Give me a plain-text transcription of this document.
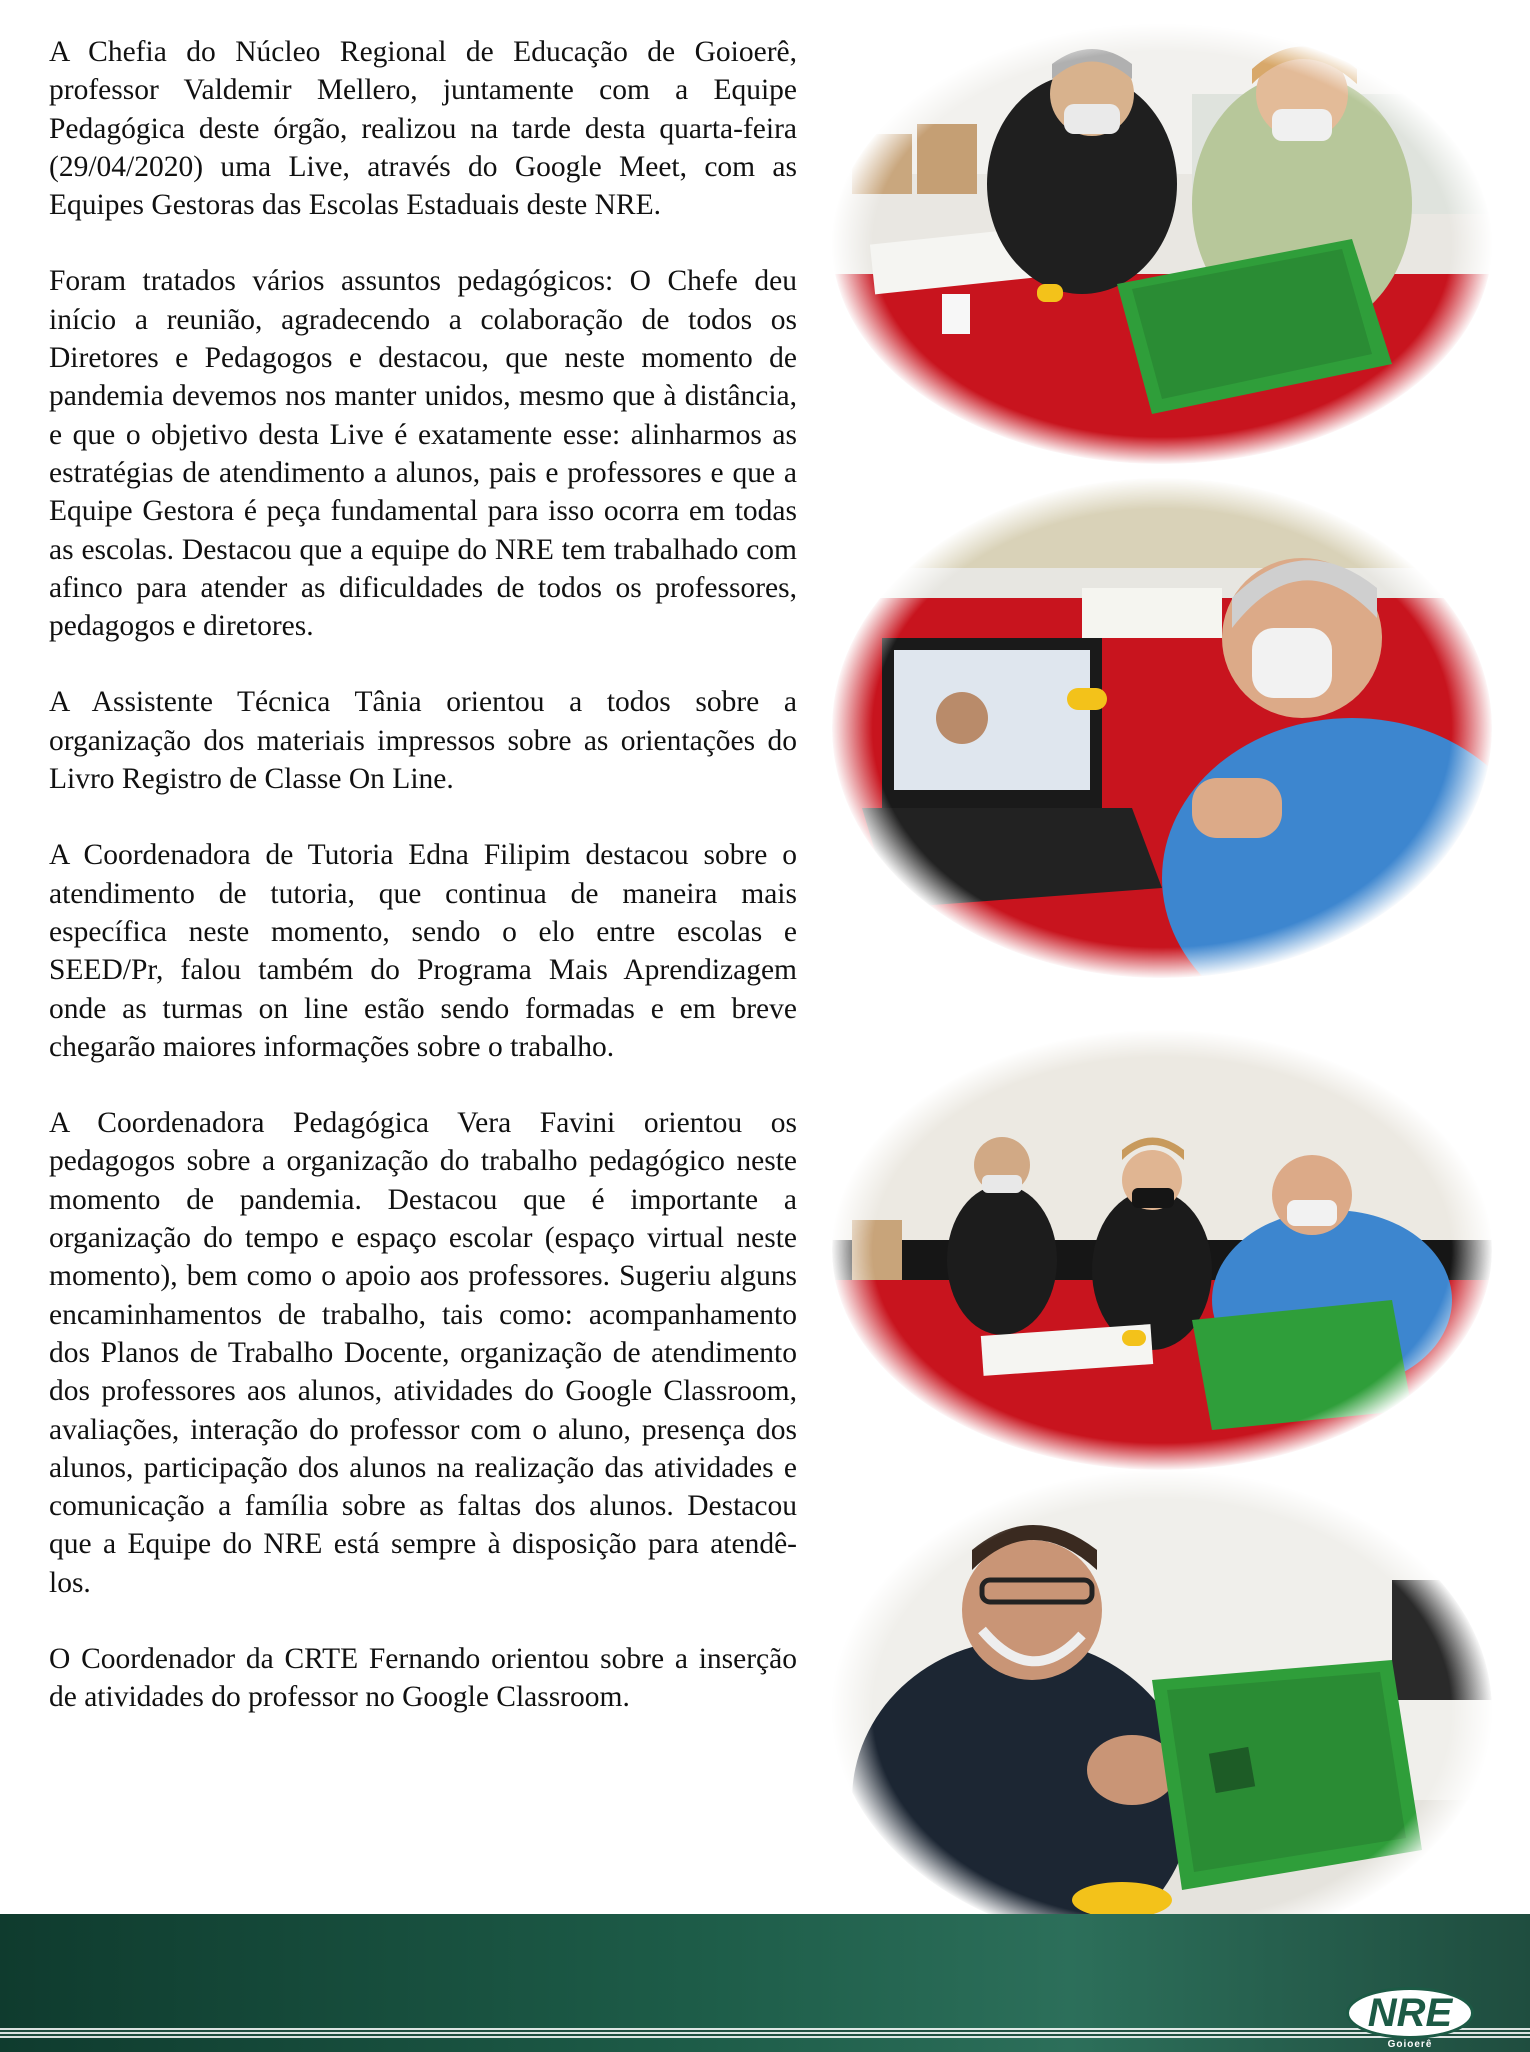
A Chefia do Núcleo Regional de Educação de Goioerê, professor Valdemir Mellero, juntamente com a Equipe Pedagógica deste órgão, realizou na tarde desta quarta-feira (29/04/2020) uma Live, através do Google Meet, com as Equipes Gestoras das Escolas Estaduais deste NRE.

Foram tratados vários assuntos pedagógicos: O Chefe deu início a reunião, agradecendo a colaboração de todos os Diretores e Pedagogos e destacou, que neste momento de pandemia devemos nos manter unidos, mesmo que à distância, e que o objetivo desta Live é exatamente esse: alinharmos as estratégias de atendimento a alunos, pais e professores e que a Equipe Gestora é peça fundamental para isso ocorra em todas as escolas. Destacou que a equipe do NRE tem trabalhado com afinco para atender as dificuldades de todos os professores, pedagogos e diretores.

A Assistente Técnica Tânia orientou a todos sobre a organização dos materiais impressos sobre as orientações do Livro Registro de Classe On Line.

A Coordenadora de Tutoria Edna Filipim destacou sobre o atendimento de tutoria, que continua de maneira mais específica neste momento, sendo o elo entre escolas e SEED/Pr, falou também do Programa Mais Aprendizagem onde as turmas on line estão sendo formadas e em breve chegarão maiores informações sobre o trabalho.

A Coordenadora Pedagógica Vera Favini orientou os pedagogos sobre a organização do trabalho pedagógico neste momento de pandemia. Destacou que é importante a organização do tempo e espaço escolar (espaço virtual neste momento), bem como o apoio aos professores. Sugeriu alguns encaminhamentos de trabalho, tais como: acompanhamento dos Planos de Trabalho Docente, organização de atendimento dos professores aos alunos, atividades do Google Classroom, avaliações, interação do professor com o aluno, presença dos alunos, participação dos alunos na realização das atividades e comunicação a família sobre as faltas dos alunos. Destacou que a Equipe do NRE está sempre à disposição para atendê-los.

O Coordenador da CRTE Fernando orientou sobre a inserção de atividades do professor no Google Classroom.

NRE
Goioerê
